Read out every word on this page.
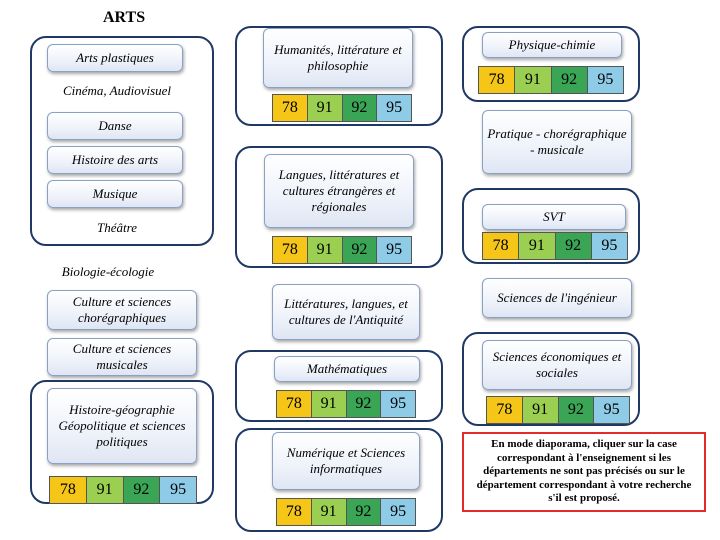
ARTS
Arts plastiques
Cinéma, Audiovisuel
Danse
Histoire des arts
Musique
Théâtre
Biologie-écologie
Culture et sciences chorégraphiques
Culture et sciences musicales
Histoire-géographie Géopolitique et sciences politiques
78	91	92	95
Humanités, littérature et philosophie
78	91	92	95
Langues, littératures et cultures étrangères et régionales
78	91	92	95
Littératures, langues, et cultures de l'Antiquité
Mathématiques
78	91	92	95
Numérique et Sciences informatiques
78	91	92	95
Physique-chimie
78	91	92	95
Pratique - chorégraphique - musicale
SVT
78	91	92	95
Sciences de l'ingénieur
Sciences économiques et sociales
78	91	92	95
En mode diaporama, cliquer sur la case correspondant à l'enseignement si les départements ne sont pas précisés ou sur le département correspondant à votre recherche s'il est proposé.
